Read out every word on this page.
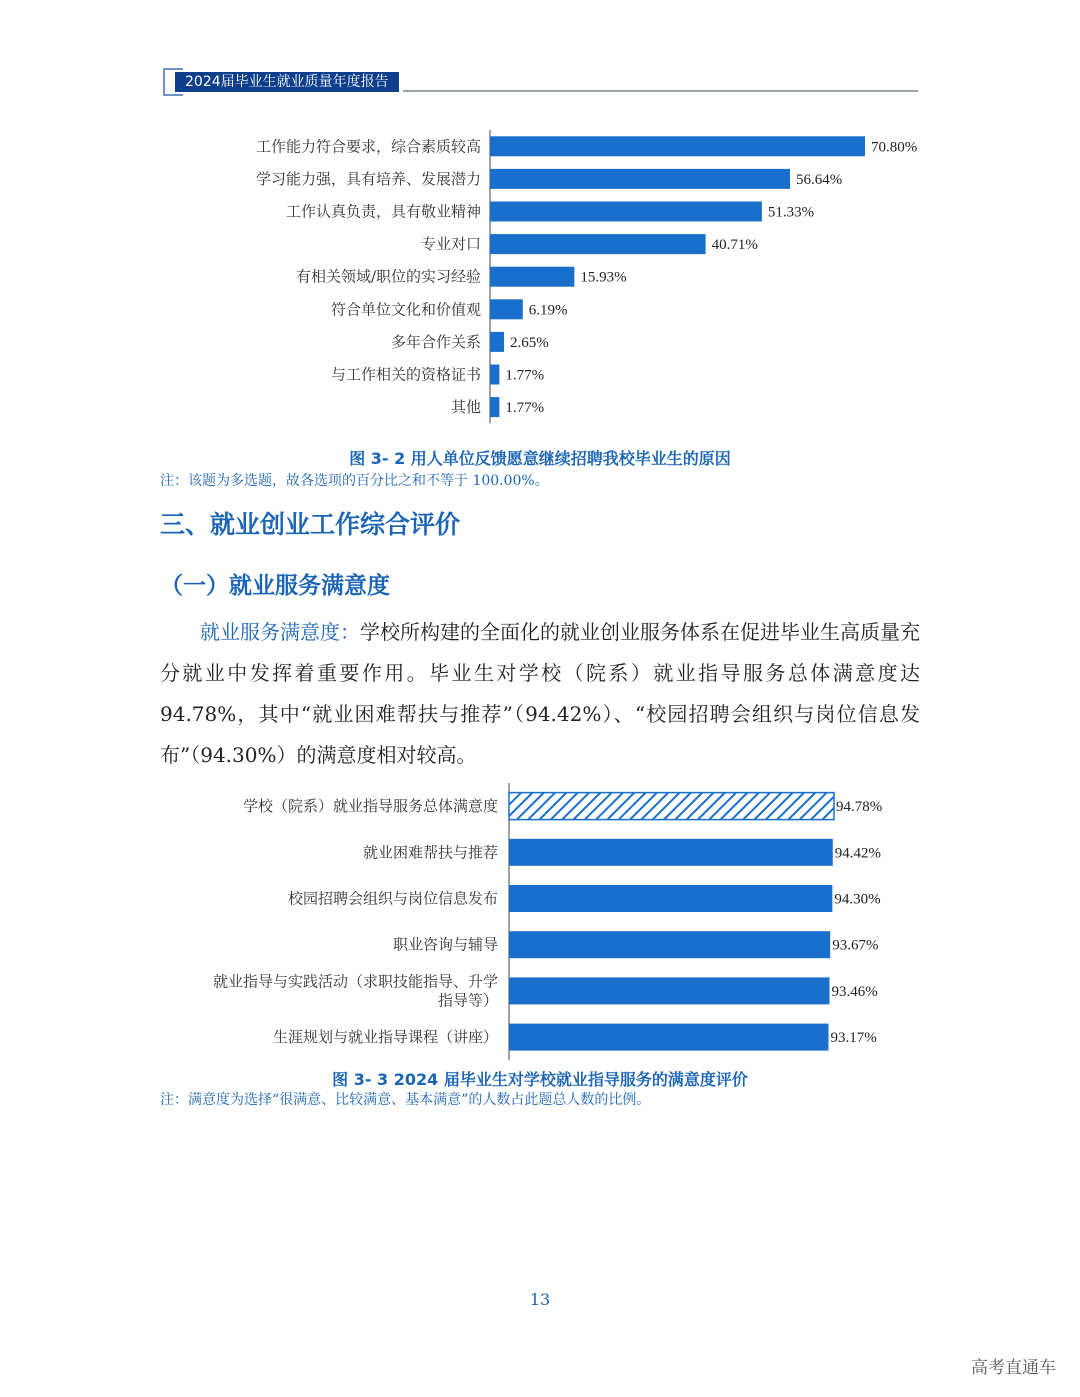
2024届毕业生就业质量年度报告
工作能力符合要求，综合素质较高	70.80%
学习能力强，具有培养、发展潜力	56.64%
工作认真负责，具有敬业精神	51.33%
专业对口	40.71%
有相关领域/职位的实习经验	15.93%
符合单位文化和价值观	6.19%
多年合作关系 2.65%
与工作相关的资格证书 1.77%
其他 1.77%
图 3- 2 用人单位反馈愿意继续招聘我校毕业生的原因
注：该题为多选题，故各选项的百分比之和不等于 100.00%。
三、就业创业工作综合评价
（一）就业服务满意度
就业服务满意度：学校所构建的全面化的就业创业服务体系在促进毕业生高质量充分就业中发挥着重要作用。毕业生对学校（院系）就业指导服务总体满意度达 94.78%，其中“就业困难帮扶与推荐”（94.42%）、“校园招聘会组织与岗位信息发布”（94.30%）的满意度相对较高。
学校（院系）就业指导服务总体满意度	94.78%
就业困难帮扶与推荐	94.42%
校园招聘会组织与岗位信息发布	94.30%
职业咨询与辅导	93.67%
就业指导与实践活动（求职技能指导、升学
指导等）	93.46%
生涯规划与就业指导课程（讲座）	93.17%
图 3- 3 2024 届毕业生对学校就业指导服务的满意度评价
注：满意度为选择“很满意、比较满意、基本满意”的人数占此题总人数的比例。
13
高考直通车
